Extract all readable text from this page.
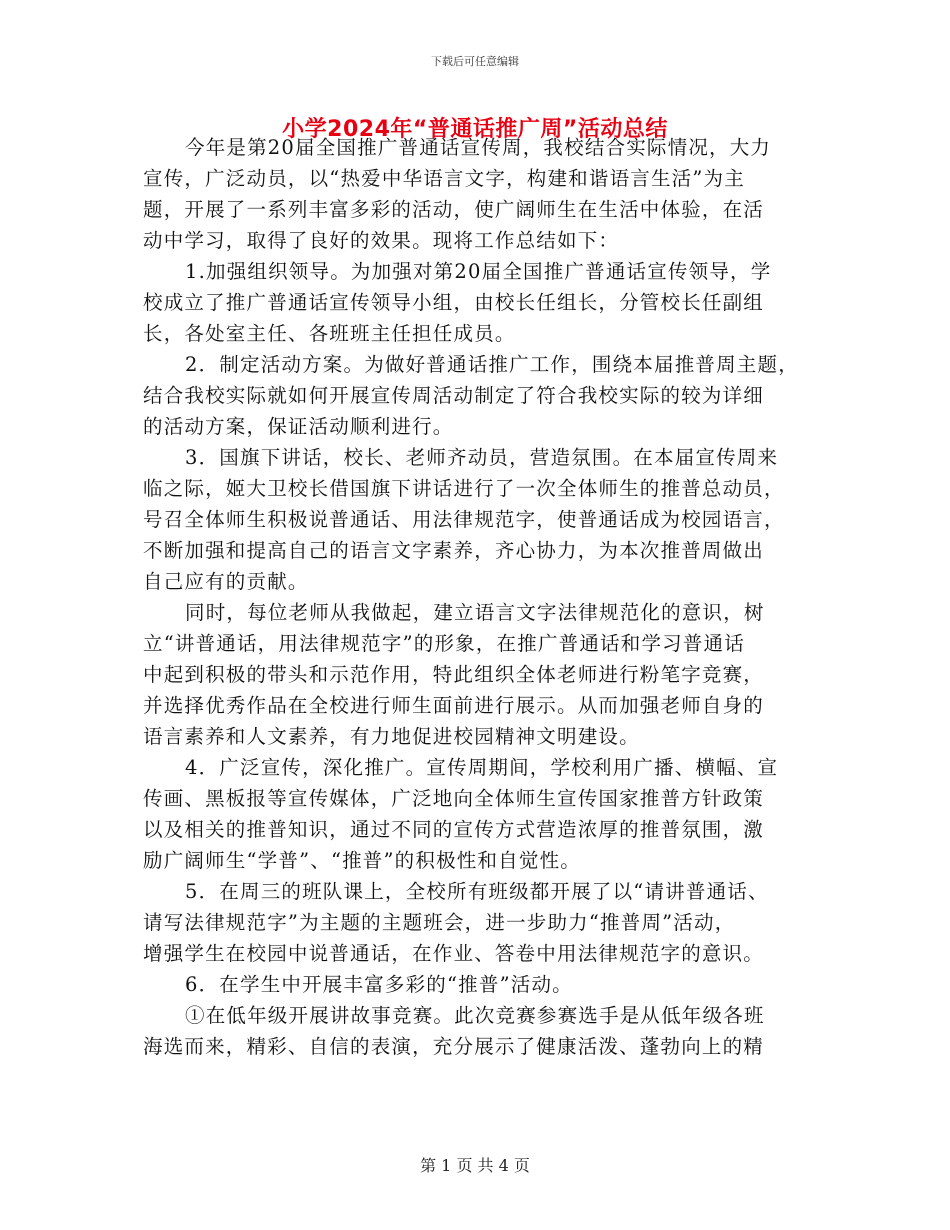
下载后可任意编辑
小学2024年“普通话推广周”活动总结
今年是第20届全国推广普通话宣传周，我校结合实际情况，大力
宣传，广泛动员，以“热爱中华语言文字，构建和谐语言生活”为主
题，开展了一系列丰富多彩的活动，使广阔师生在生活中体验，在活
动中学习，取得了良好的效果。现将工作总结如下：
1.加强组织领导。为加强对第20届全国推广普通话宣传领导，学
校成立了推广普通话宣传领导小组，由校长任组长，分管校长任副组
长，各处室主任、各班班主任担任成员。
2．制定活动方案。为做好普通话推广工作，围绕本届推普周主题，
结合我校实际就如何开展宣传周活动制定了符合我校实际的较为详细
的活动方案，保证活动顺利进行。
3．国旗下讲话，校长、老师齐动员，营造氛围。在本届宣传周来
临之际，姬大卫校长借国旗下讲话进行了一次全体师生的推普总动员，
号召全体师生积极说普通话、用法律规范字，使普通话成为校园语言，
不断加强和提高自己的语言文字素养，齐心协力，为本次推普周做出
自己应有的贡献。
同时，每位老师从我做起，建立语言文字法律规范化的意识，树
立“讲普通话，用法律规范字”的形象，在推广普通话和学习普通话
中起到积极的带头和示范作用，特此组织全体老师进行粉笔字竞赛，
并选择优秀作品在全校进行师生面前进行展示。从而加强老师自身的
语言素养和人文素养，有力地促进校园精神文明建设。
4．广泛宣传，深化推广。宣传周期间，学校利用广播、横幅、宣
传画、黑板报等宣传媒体，广泛地向全体师生宣传国家推普方针政策
以及相关的推普知识，通过不同的宣传方式营造浓厚的推普氛围，激
励广阔师生“学普”、“推普”的积极性和自觉性。
5．在周三的班队课上，全校所有班级都开展了以“请讲普通话、
请写法律规范字”为主题的主题班会，进一步助力“推普周”活动，
增强学生在校园中说普通话，在作业、答卷中用法律规范字的意识。
6．在学生中开展丰富多彩的“推普”活动。
①在低年级开展讲故事竞赛。此次竞赛参赛选手是从低年级各班
海选而来，精彩、自信的表演，充分展示了健康活泼、蓬勃向上的精
第 1 页 共 4 页
